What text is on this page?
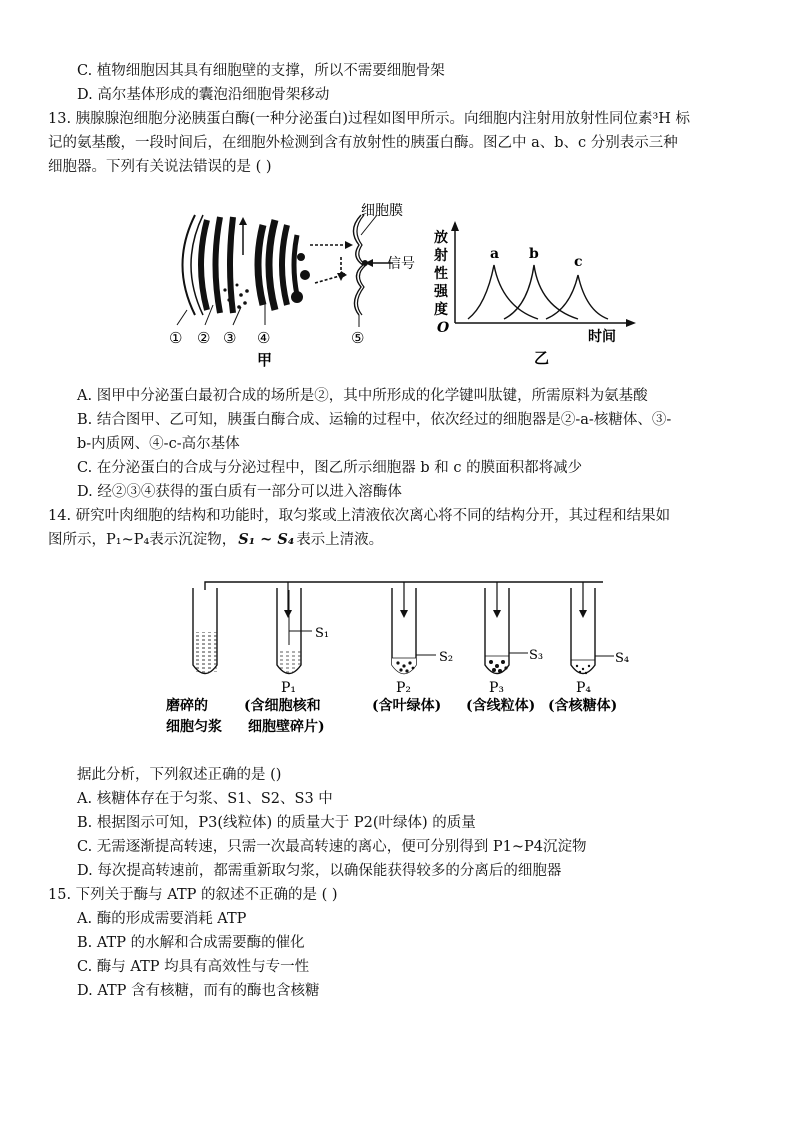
C. 植物细胞因其具有细胞壁的支撑，所以不需要细胞骨架
D. 高尔基体形成的囊泡沿细胞骨架移动
13. 胰腺腺泡细胞分泌胰蛋白酶(一种分泌蛋白)过程如图甲所示。向细胞内注射用放射性同位素³H 标
记的氨基酸，一段时间后，在细胞外检测到含有放射性的胰蛋白酶。图乙中 a、b、c 分别表示三种
细胞器。下列有关说法错误的是 ( )
细胞膜
信号
① ② ③ ④	⑤
甲
放
射
性
强
度
O
时间
a b	c
乙
A. 图甲中分泌蛋白最初合成的场所是②，其中所形成的化学键叫肽键，所需原料为氨基酸
B. 结合图甲、乙可知，胰蛋白酶合成、运输的过程中，依次经过的细胞器是②-a-核糖体、③-
b-内质网、④-c-高尔基体
C. 在分泌蛋白的合成与分泌过程中，图乙所示细胞器 b 和 c 的膜面积都将减少
D. 经②③④获得的蛋白质有一部分可以进入溶酶体
14. 研究叶肉细胞的结构和功能时，取匀浆或上清液依次离心将不同的结构分开，其过程和结果如
图所示，P₁~P₄表示沉淀物， S₁ ~ S₄ 表示上清液。
S₁
S₂	S₃	S₄
P₁	P₂	P₃	P₄
磨碎的
细胞匀浆
(含细胞核和
细胞壁碎片)
(含叶绿体) (含线粒体) (含核糖体)
据此分析，下列叙述正确的是 ()
A. 核糖体存在于匀浆、S1、S2、S3 中
B. 根据图示可知，P3(线粒体) 的质量大于 P2(叶绿体) 的质量
C. 无需逐渐提高转速，只需一次最高转速的离心，便可分别得到 P1~P4沉淀物
D. 每次提高转速前，都需重新取匀浆，以确保能获得较多的分离后的细胞器
15. 下列关于酶与 ATP 的叙述不正确的是 ( )
A. 酶的形成需要消耗 ATP
B. ATP 的水解和合成需要酶的催化
C. 酶与 ATP 均具有高效性与专一性
D. ATP 含有核糖，而有的酶也含核糖
